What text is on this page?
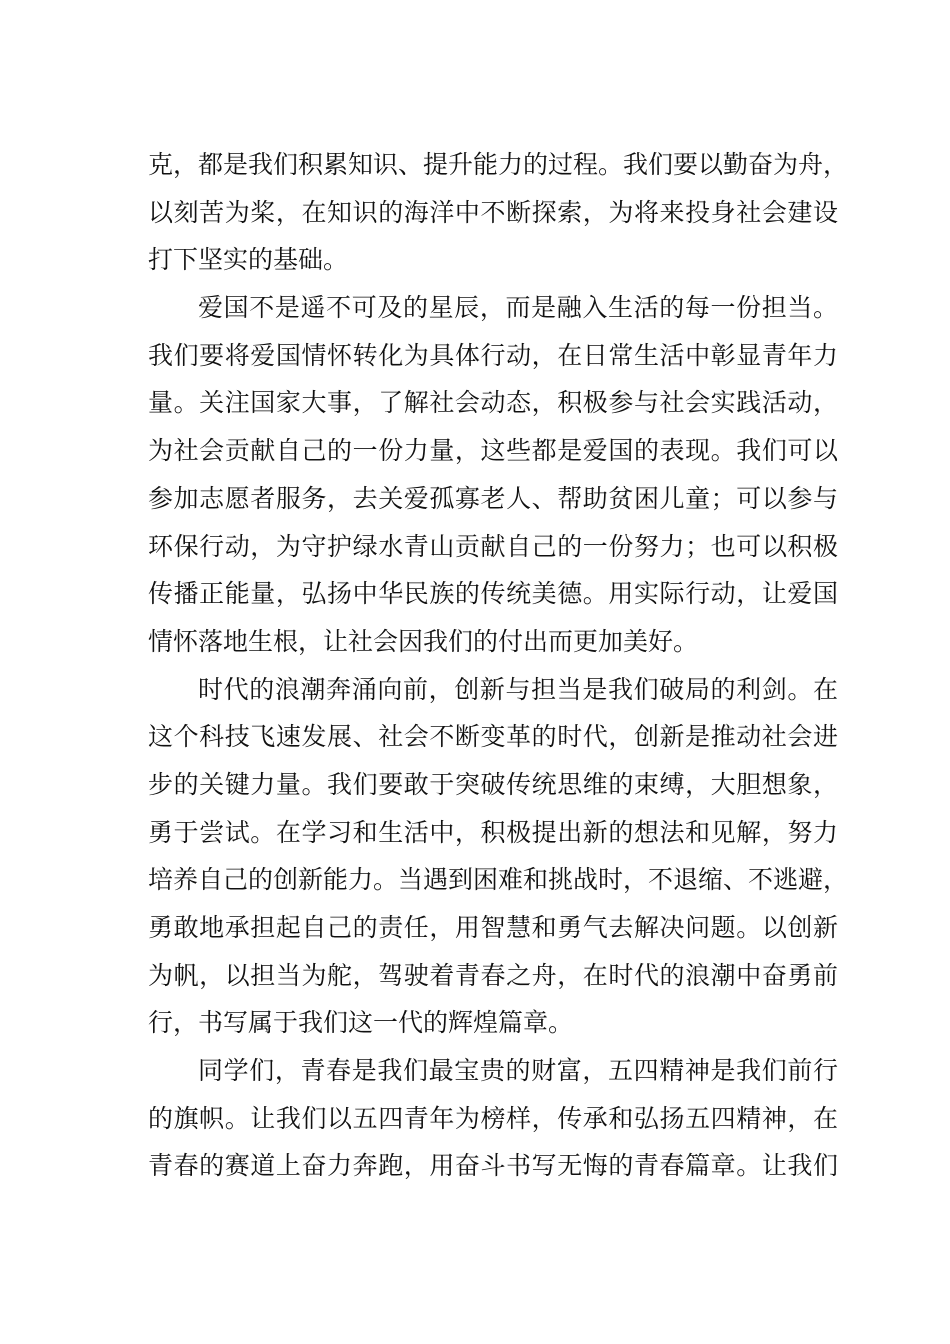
克，都是我们积累知识、提升能力的过程。我们要以勤奋为舟，
以刻苦为桨，在知识的海洋中不断探索，为将来投身社会建设
打下坚实的基础。
爱国不是遥不可及的星辰，而是融入生活的每一份担当。
我们要将爱国情怀转化为具体行动，在日常生活中彰显青年力
量。关注国家大事，了解社会动态，积极参与社会实践活动，
为社会贡献自己的一份力量，这些都是爱国的表现。我们可以
参加志愿者服务，去关爱孤寡老人、帮助贫困儿童；可以参与
环保行动，为守护绿水青山贡献自己的一份努力；也可以积极
传播正能量，弘扬中华民族的传统美德。用实际行动，让爱国
情怀落地生根，让社会因我们的付出而更加美好。
时代的浪潮奔涌向前，创新与担当是我们破局的利剑。在
这个科技飞速发展、社会不断变革的时代，创新是推动社会进
步的关键力量。我们要敢于突破传统思维的束缚，大胆想象，
勇于尝试。在学习和生活中，积极提出新的想法和见解，努力
培养自己的创新能力。当遇到困难和挑战时，不退缩、不逃避，
勇敢地承担起自己的责任，用智慧和勇气去解决问题。以创新
为帆，以担当为舵，驾驶着青春之舟，在时代的浪潮中奋勇前
行，书写属于我们这一代的辉煌篇章。
同学们，青春是我们最宝贵的财富，五四精神是我们前行
的旗帜。让我们以五四青年为榜样，传承和弘扬五四精神，在
青春的赛道上奋力奔跑，用奋斗书写无悔的青春篇章。让我们
